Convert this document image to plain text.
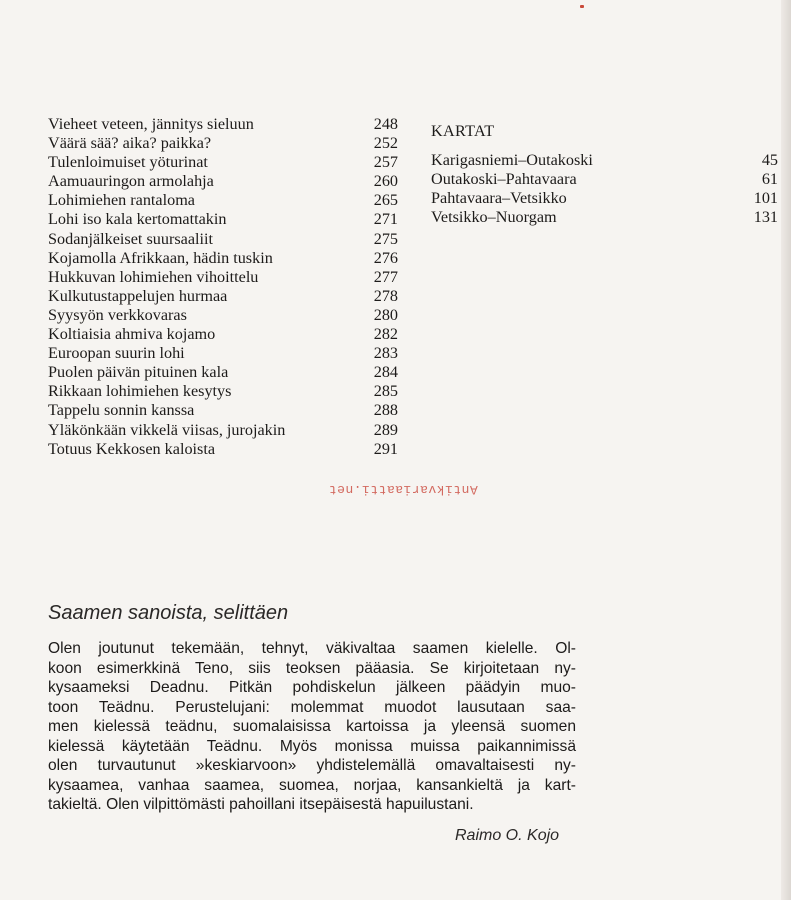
Vieheet veteen, jännitys sieluun	248
Väärä sää? aika? paikka?	252
Tulenloimuiset yöturinat	257
Aamuauringon armolahja	260
Lohimiehen rantaloma	265
Lohi iso kala kertomattakin	271
Sodanjälkeiset suursaaliit	275
Kojamolla Afrikkaan, hädin tuskin	276
Hukkuvan lohimiehen vihoittelu	277
Kulkutustappelujen hurmaa	278
Syysyön verkkovaras	280
Koltiaisia ahmiva kojamo	282
Euroopan suurin lohi	283
Puolen päivän pituinen kala	284
Rikkaan lohimiehen kesytys	285
Tappelu sonnin kanssa	288
Yläkönkään vikkelä viisas, jurojakin	289
Totuus Kekkosen kaloista	291
KARTAT
Karigasniemi–Outakoski	45
Outakoski–Pahtavaara	61
Pahtavaara–Vetsikko	101
Vetsikko–Nuorgam	131
Antikvariaatti.net
Saamen sanoista, selittäen
Olen joutunut tekemään, tehnyt, väkivaltaa saamen kielelle. Ol-
koon esimerkkinä Teno, siis teoksen pääasia. Se kirjoitetaan ny-
kysaameksi Deadnu. Pitkän pohdiskelun jälkeen päädyin muo-
toon Teädnu. Perustelujani: molemmat muodot lausutaan saa-
men kielessä teädnu, suomalaisissa kartoissa ja yleensä suomen
kielessä käytetään Teädnu. Myös monissa muissa paikannimissä
olen turvautunut »keskiarvoon» yhdistelemällä omavaltaisesti ny-
kysaamea, vanhaa saamea, suomea, norjaa, kansankieltä ja kart-
takieltä. Olen vilpittömästi pahoillani itsepäisestä hapuilustani.
Raimo O. Kojo
